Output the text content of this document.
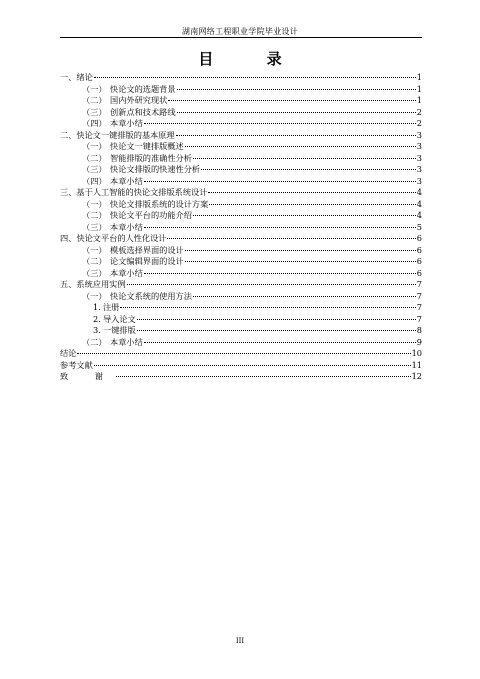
湖南网络工程职业学院毕业设计
目 录
一、绪论	1
（一） 快论文的选题背景	1
（二） 国内外研究现状	1
（三） 创新点和技术路线	2
（四） 本章小结	2
二、快论文一键排版的基本原理	3
（一） 快论文一键排版概述	3
（二） 智能排版的准确性分析	3
（三） 快论文排版的快速性分析	3
（四） 本章小结	3
三、基于人工智能的快论文排版系统设计	4
（一） 快论文排版系统的设计方案	4
（二） 快论文平台的功能介绍	4
（三） 本章小结	5
四、快论文平台的人性化设计	6
（一） 模板选择界面的设计	6
（二） 论文编辑界面的设计	6
（三） 本章小结	6
五、系统应用实例	7
（一） 快论文系统的使用方法	7
1. 注册	7
2. 导入论文	7
3. 一键排版	8
（二） 本章小结	9
结论	10
参考文献	11
致 谢	12
III
